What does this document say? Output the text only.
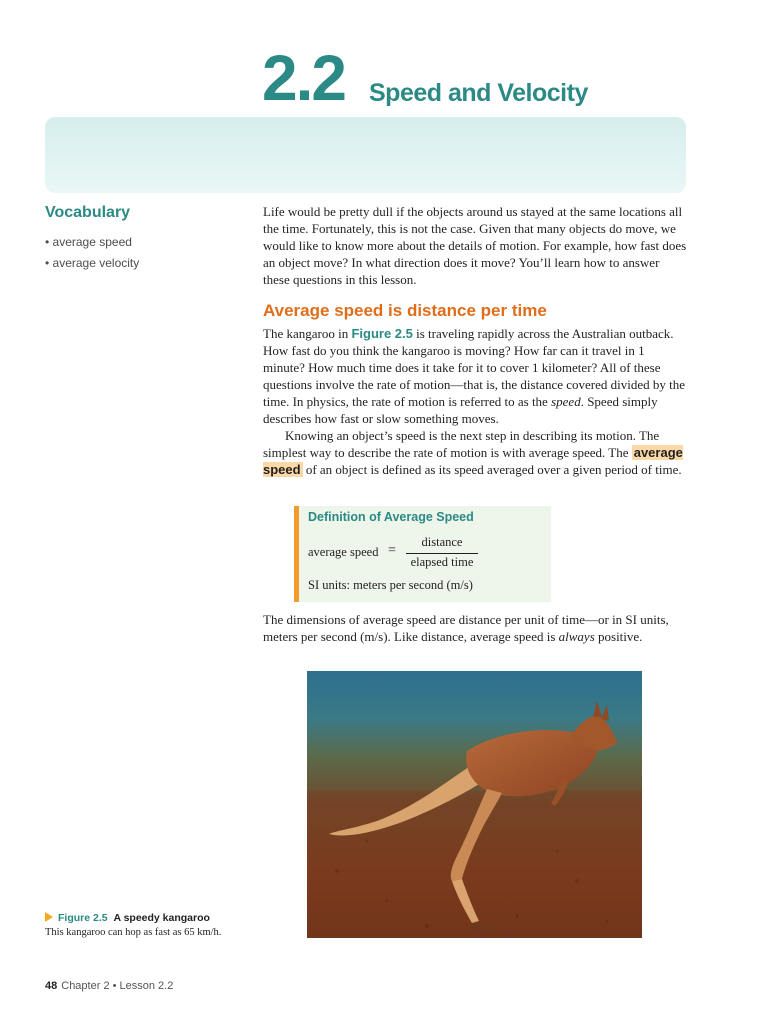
2.2 Speed and Velocity
Vocabulary
• average speed
• average velocity

Life would be pretty dull if the objects around us stayed at the same locations all the time. Fortunately, this is not the case. Given that many objects do move, we would like to know more about the details of motion. For example, how fast does an object move? In what direction does it move? You’ll learn how to answer these questions in this lesson.

Average speed is distance per time

The kangaroo in Figure 2.5 is traveling rapidly across the Australian outback. How fast do you think the kangaroo is moving? How far can it travel in 1 minute? How much time does it take for it to cover 1 kilometer? All of these questions involve the rate of motion—that is, the distance covered divided by the time. In physics, the rate of motion is referred to as the speed. Speed simply describes how fast or slow something moves.

Knowing an object’s speed is the next step in describing its motion. The simplest way to describe the rate of motion is with average speed. The average speed of an object is defined as its speed averaged over a given period of time.

Definition of Average Speed
average speed =
distance
elapsed time
SI units: meters per second (m/s)

The dimensions of average speed are distance per unit of time—or in SI units, meters per second (m/s). Like distance, average speed is always positive.

Figure 2.5 A speedy kangaroo
This kangaroo can hop as fast as 65 km/h.
48 Chapter 2 • Lesson 2.2
